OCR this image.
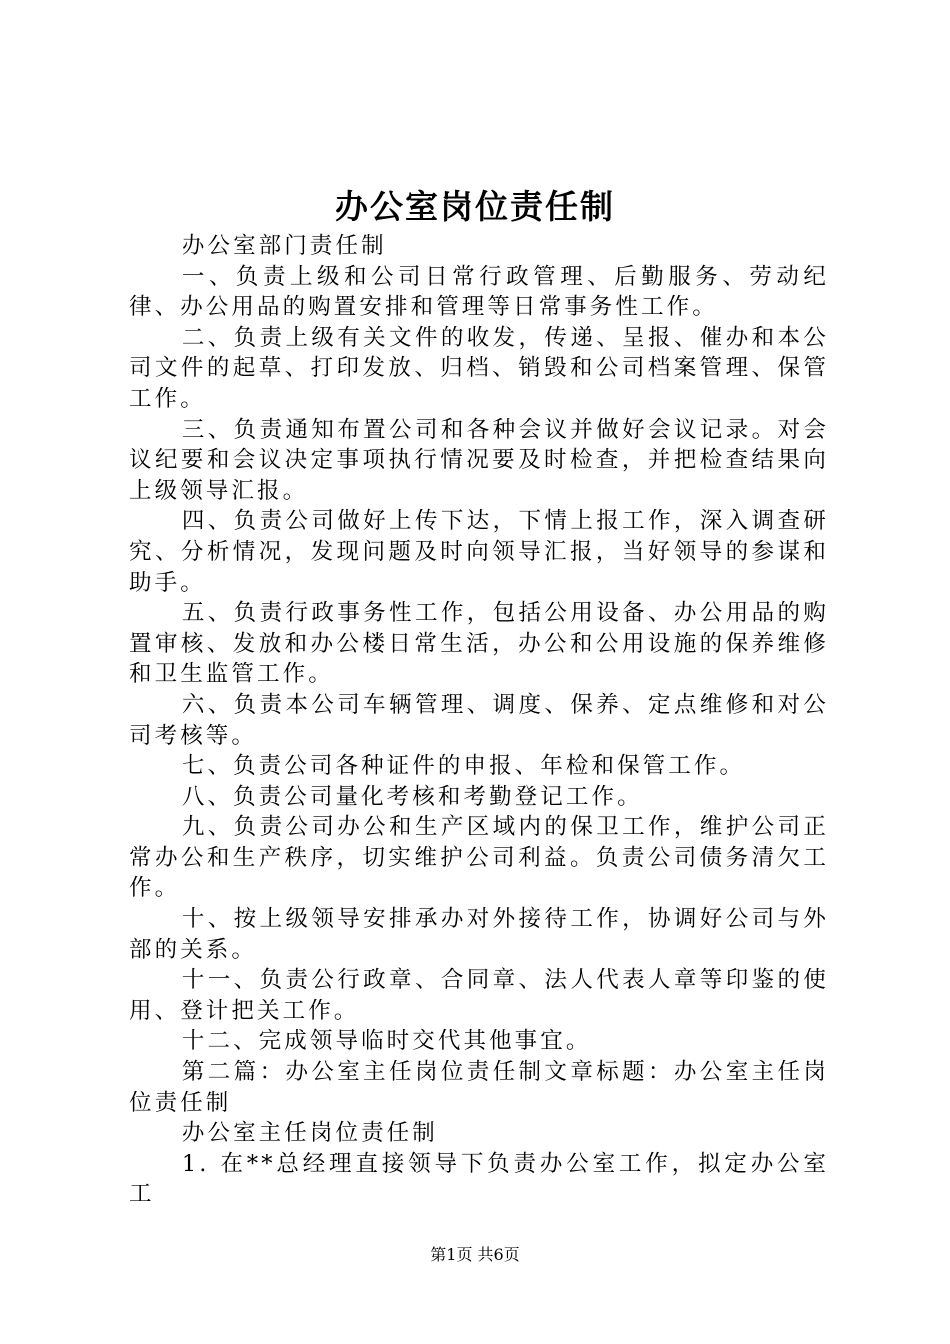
办公室岗位责任制

办公室部门责任制

一、负责上级和公司日常行政管理、后勤服务、劳动纪律、办公用品的购置安排和管理等日常事务性工作。

二、负责上级有关文件的收发，传递、呈报、催办和本公司文件的起草、打印发放、归档、销毁和公司档案管理、保管工作。

三、负责通知布置公司和各种会议并做好会议记录。对会议纪要和会议决定事项执行情况要及时检查，并把检查结果向上级领导汇报。

四、负责公司做好上传下达，下情上报工作，深入调查研究、分析情况，发现问题及时向领导汇报，当好领导的参谋和助手。

五、负责行政事务性工作，包括公用设备、办公用品的购置审核、发放和办公楼日常生活，办公和公用设施的保养维修和卫生监管工作。

六、负责本公司车辆管理、调度、保养、定点维修和对公司考核等。

七、负责公司各种证件的申报、年检和保管工作。

八、负责公司量化考核和考勤登记工作。

九、负责公司办公和生产区域内的保卫工作，维护公司正常办公和生产秩序，切实维护公司利益。负责公司债务清欠工作。

十、按上级领导安排承办对外接待工作，协调好公司与外部的关系。

十一、负责公行政章、合同章、法人代表人章等印鉴的使用、登计把关工作。

十二、完成领导临时交代其他事宜。

第二篇：办公室主任岗位责任制文章标题：办公室主任岗位责任制

办公室主任岗位责任制

1. 在**总经理直接领导下负责办公室工作，拟定办公室工

第1页 共6页
